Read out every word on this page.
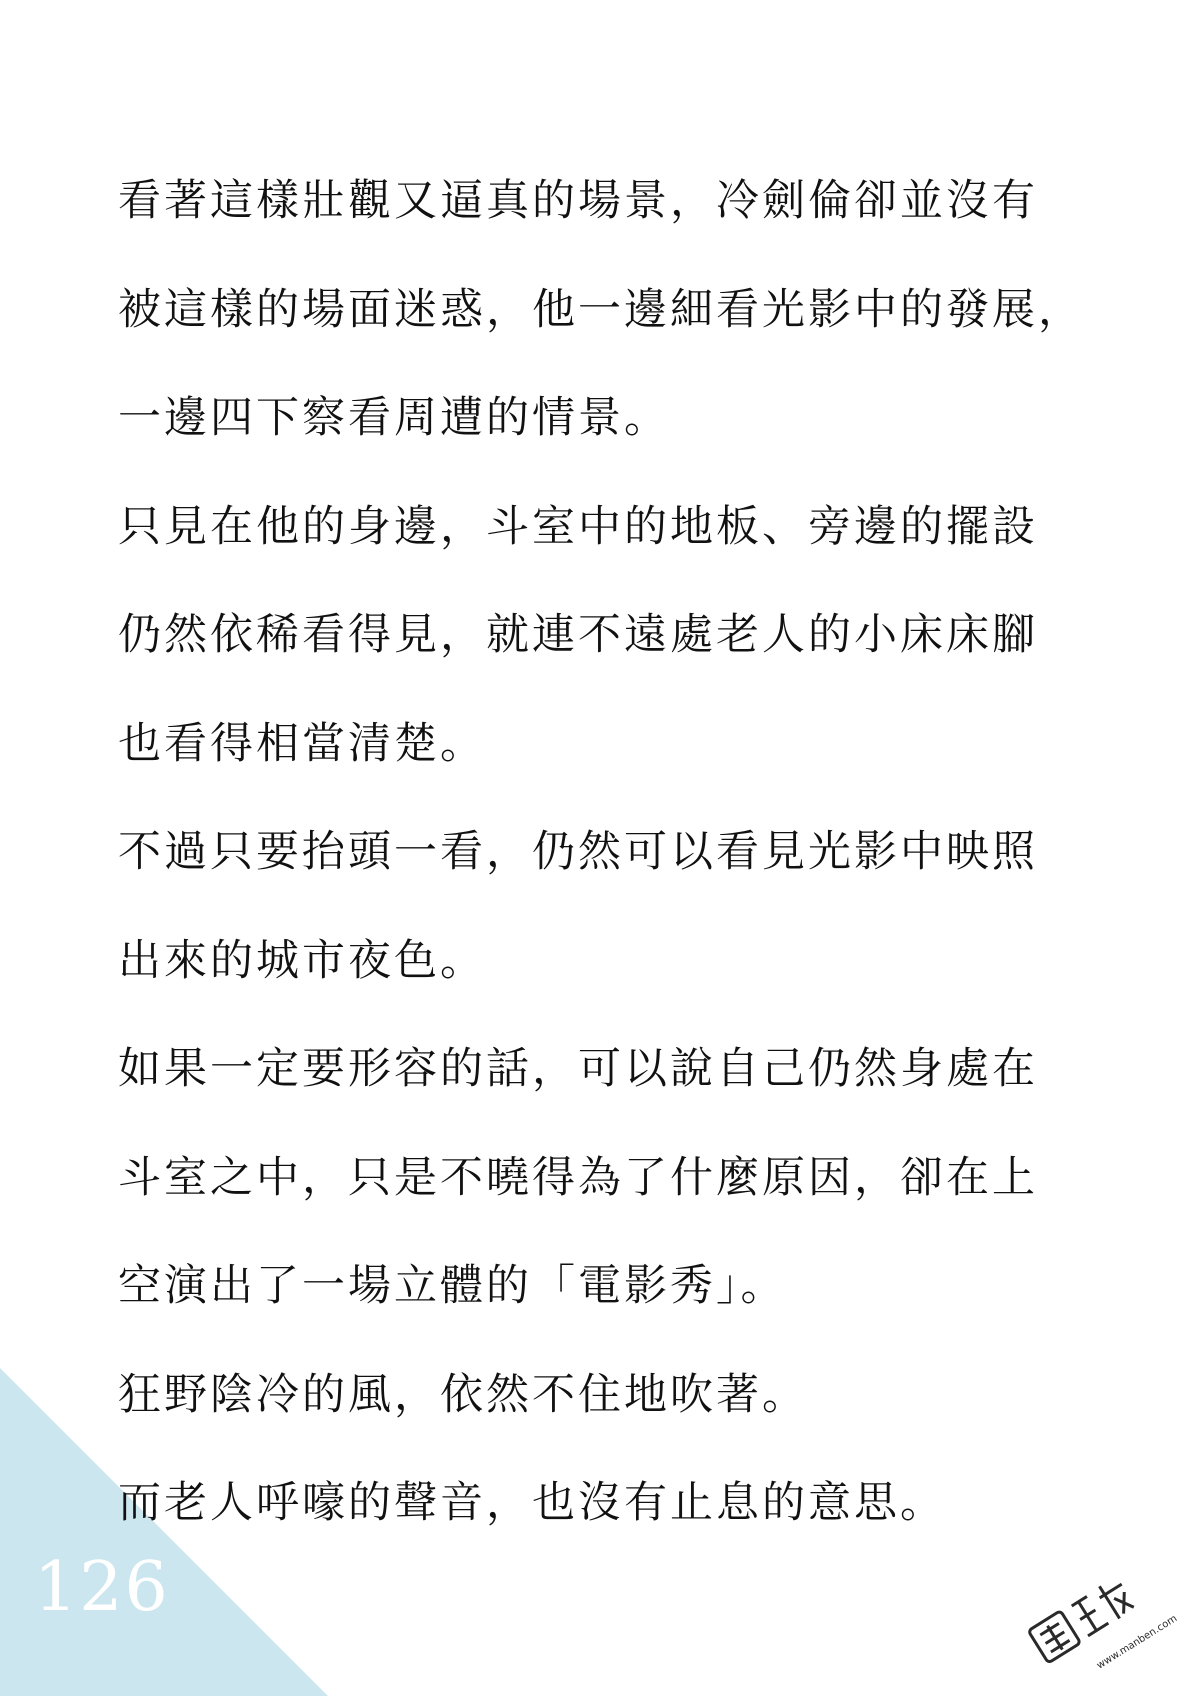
看著這樣壯觀又逼真的場景，冷劍倫卻並沒有
被這樣的場面迷惑，他一邊細看光影中的發展，
一邊四下察看周遭的情景。
只見在他的身邊，斗室中的地板、旁邊的擺設
仍然依稀看得見，就連不遠處老人的小床床腳
也看得相當清楚。
不過只要抬頭一看，仍然可以看見光影中映照
出來的城市夜色。
如果一定要形容的話，可以說自己仍然身處在
斗室之中，只是不曉得為了什麼原因，卻在上
空演出了一場立體的「電影秀」。
狂野陰冷的風，依然不住地吹著。
而老人呼嚎的聲音，也沒有止息的意思。
126
www.manben.com
